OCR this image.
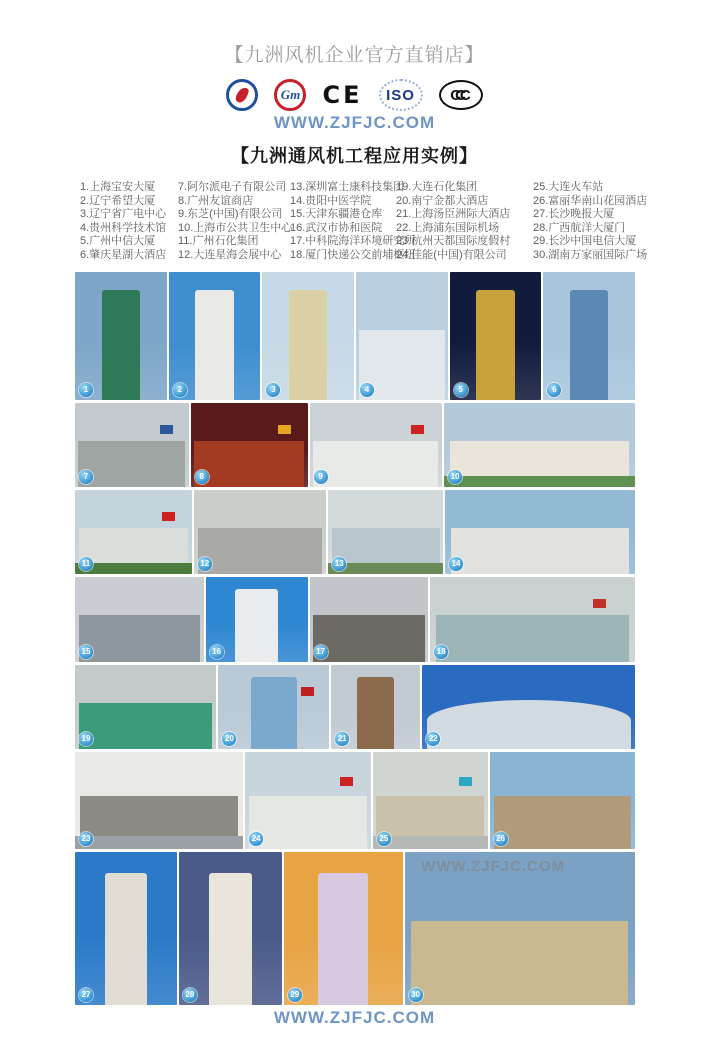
【九洲风机企业官方直销店】
Gm CE ISO CCC
WWW.ZJFJC.COM
【九洲通风机工程应用实例】
1.上海宝安大厦
2.辽宁希望大厦
3.辽宁省广电中心
4.贵州科学技术馆
5.广州中信大厦
6.肇庆星湖大酒店
7.阿尔派电子有限公司
8.广州友谊商店
9.东芝(中国)有限公司
10.上海市公共卫生中心
11.广州石化集团
12.大连星海会展中心
13.深圳富士康科技集团
14.贵阳中医学院
15.天津东疆港仓库
16.武汉市协和医院
17.中科院海洋环境研究所
18.厦门快递公交前埔枢纽
19.大连石化集团
20.南宁金都大酒店
21.上海汤臣洲际大酒店
22.上海浦东国际机场
23.杭州天都国际度假村
24.佳能(中国)有限公司
25.大连火车站
26.富丽华南山花园酒店
27.长沙晚报大厦
28.广西航洋大厦门
29.长沙中国电信大厦
30.湖南万家丽国际广场
WWW.ZJFJC.COM
1	2	3	4	5	6
7	8	9	10
11	12	13	14
15	16	17	18
19	20	21	22
23	24	25	26
27	28	29	30
WWW.ZJFJC.COM
